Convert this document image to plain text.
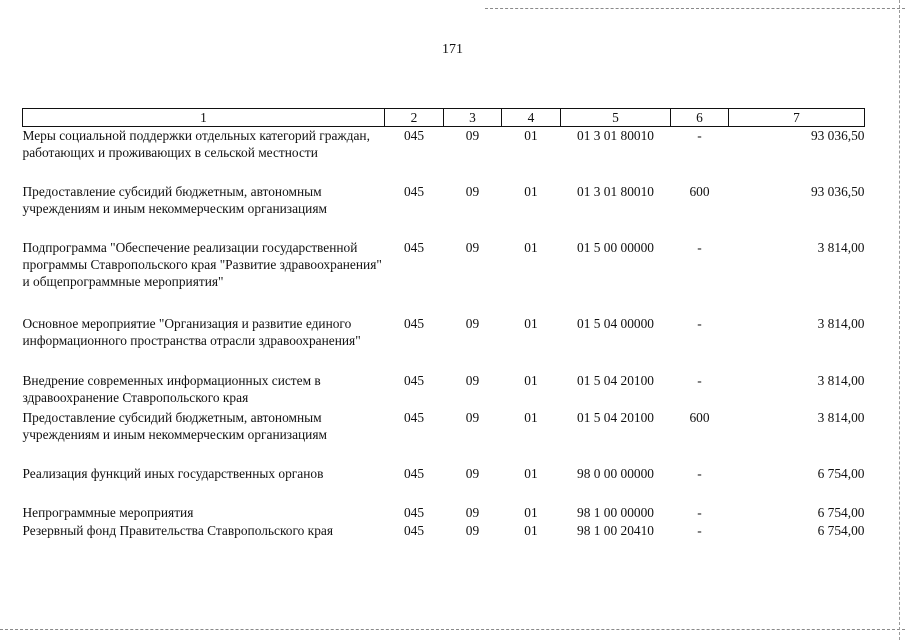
171
1	2	3	4	5	6	7
Меры социальной поддержки отдельных категорий граждан, работающих и проживающих в сельской местности	045	09	01	01 3 01 80010	-	93 036,50
Предоставление субсидий бюджетным, автономным учреждениям и иным некоммерческим организациям	045	09	01	01 3 01 80010	600	93 036,50
Подпрограмма "Обеспечение реализации государственной программы Ставропольского края "Развитие здравоохранения" и общепрограммные мероприятия"	045	09	01	01 5 00 00000	-	3 814,00
Основное мероприятие "Организация и развитие единого информационного пространства отрасли здравоохранения"	045	09	01	01 5 04 00000	-	3 814,00
Внедрение современных информационных систем в здравоохранение Ставропольского края	045	09	01	01 5 04 20100	-	3 814,00
Предоставление субсидий бюджетным, автономным учреждениям и иным некоммерческим организациям	045	09	01	01 5 04 20100	600	3 814,00
Реализация функций иных государственных органов	045	09	01	98 0 00 00000	-	6 754,00
Непрограммные мероприятия	045	09	01	98 1 00 00000	-	6 754,00
Резервный фонд Правительства Ставропольского края	045	09	01	98 1 00 20410	-	6 754,00
